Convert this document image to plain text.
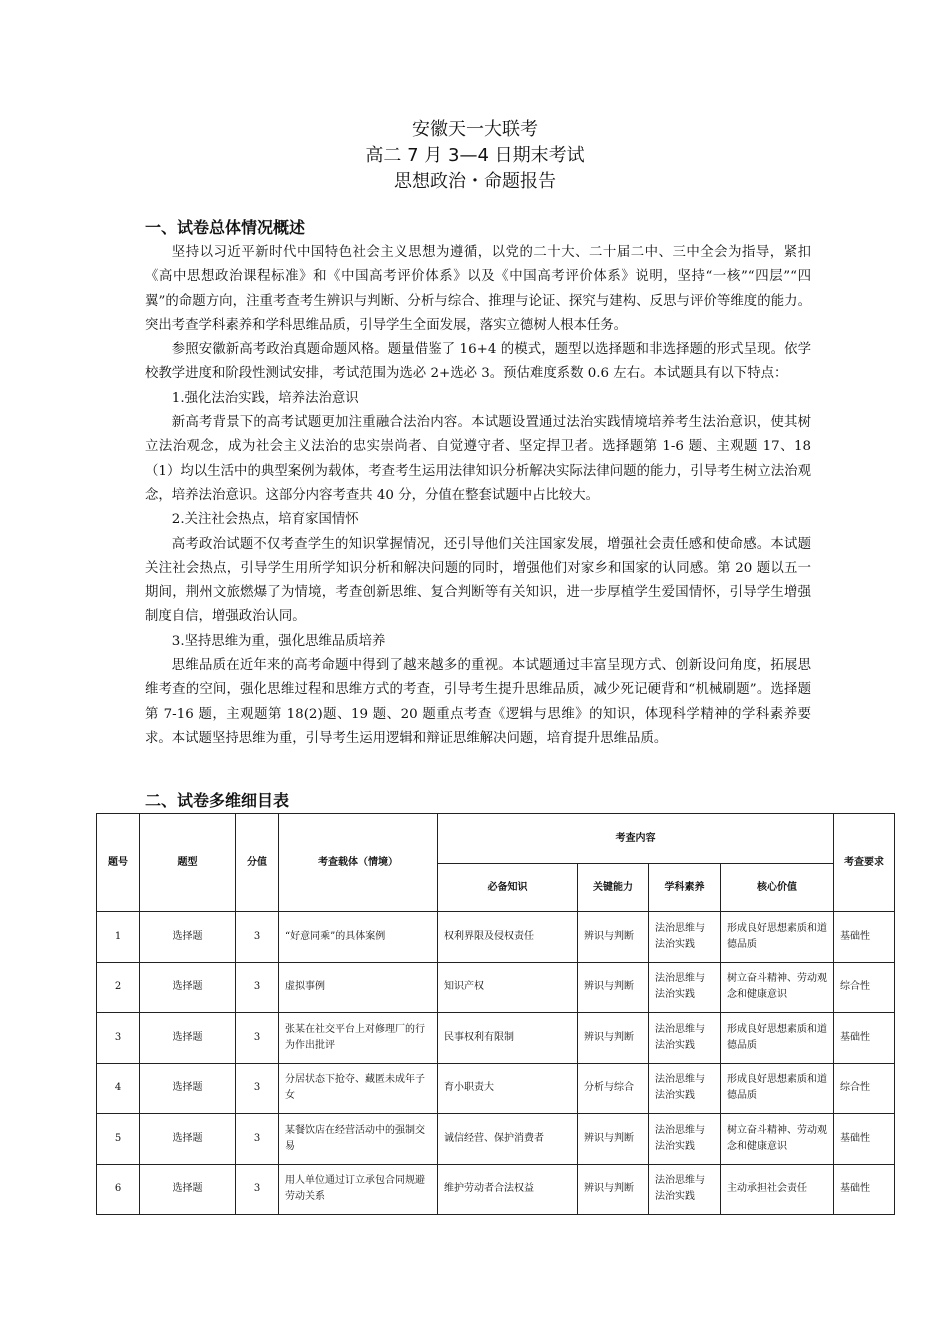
安徽天一大联考
高二 7 月 3—4 日期末考试
思想政治・命题报告
一、试卷总体情况概述

坚持以习近平新时代中国特色社会主义思想为遵循，以党的二十大、二十届二中、三中全会为指导，紧扣《高中思想政治课程标准》和《中国高考评价体系》以及《中国高考评价体系》说明，坚持“一核”“四层”“四翼”的命题方向，注重考查考生辨识与判断、分析与综合、推理与论证、探究与建构、反思与评价等维度的能力。突出考查学科素养和学科思维品质，引导学生全面发展，落实立德树人根本任务。

参照安徽新高考政治真题命题风格。题量借鉴了 16+4 的模式，题型以选择题和非选择题的形式呈现。依学校教学进度和阶段性测试安排，考试范围为选必 2+选必 3。预估难度系数 0.6 左右。本试题具有以下特点：

1.强化法治实践，培养法治意识

新高考背景下的高考试题更加注重融合法治内容。本试题设置通过法治实践情境培养考生法治意识，使其树立法治观念，成为社会主义法治的忠实崇尚者、自觉遵守者、坚定捍卫者。选择题第 1-6 题、主观题 17、18（1）均以生活中的典型案例为载体，考查考生运用法律知识分析解决实际法律问题的能力，引导考生树立法治观念，培养法治意识。这部分内容考查共 40 分，分值在整套试题中占比较大。

2.关注社会热点，培育家国情怀

高考政治试题不仅考查学生的知识掌握情况，还引导他们关注国家发展，增强社会责任感和使命感。本试题关注社会热点，引导学生用所学知识分析和解决问题的同时，增强他们对家乡和国家的认同感。第 20 题以五一期间，荆州文旅燃爆了为情境，考查创新思维、复合判断等有关知识，进一步厚植学生爱国情怀，引导学生增强制度自信，增强政治认同。

3.坚持思维为重，强化思维品质培养

思维品质在近年来的高考命题中得到了越来越多的重视。本试题通过丰富呈现方式、创新设问角度，拓展思维考查的空间，强化思维过程和思维方式的考查，引导考生提升思维品质，减少死记硬背和“机械刷题”。选择题第 7-16 题，主观题第 18(2)题、19 题、20 题重点考查《逻辑与思维》的知识，体现科学精神的学科素养要求。本试题坚持思维为重，引导考生运用逻辑和辩证思维解决问题，培育提升思维品质。

二、试卷多维细目表
题号	题型	分值	考查载体（情境）	考查内容				考查要求
				必备知识	关键能力	学科素养	核心价值	
1	选择题	3	“好意同乘”的具体案例	权利界限及侵权责任	辨识与判断	法治思维与法治实践	形成良好思想素质和道德品质	基础性
2	选择题	3	虚拟事例	知识产权	辨识与判断	法治思维与法治实践	树立奋斗精神、劳动观念和健康意识	综合性
3	选择题	3	张某在社交平台上对修理厂的行为作出批评	民事权利有限制	辨识与判断	法治思维与法治实践	形成良好思想素质和道德品质	基础性
4	选择题	3	分居状态下抢夺、藏匿未成年子女	育小职责大	分析与综合	法治思维与法治实践	形成良好思想素质和道德品质	综合性
5	选择题	3	某餐饮店在经营活动中的强制交易	诚信经营、保护消费者	辨识与判断	法治思维与法治实践	树立奋斗精神、劳动观念和健康意识	基础性
6	选择题	3	用人单位通过订立承包合同规避劳动关系	维护劳动者合法权益	辨识与判断	法治思维与法治实践	主动承担社会责任	基础性
